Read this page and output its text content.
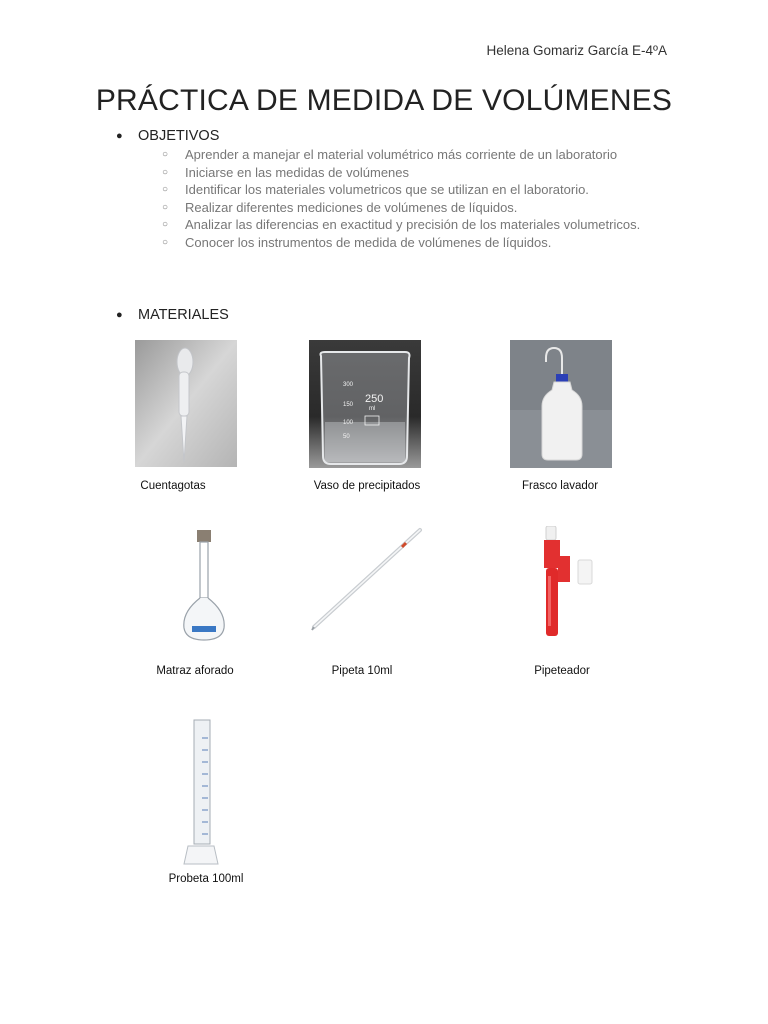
Helena Gomariz García E-4ºA
PRÁCTICA DE MEDIDA DE VOLÚMENES
●	OBJETIVOS
○ Aprender a manejar el material volumétrico más corriente de un laboratorio
○ Iniciarse en las medidas de volúmenes
○ Identificar los materiales volumetricos que se utilizan en el laboratorio.
○ Realizar diferentes mediciones de volúmenes de líquidos.
○ Analizar las diferencias en exactitud y precisión de los materiales volumetricos.
○ Conocer los instrumentos de medida de volúmenes de líquidos.
●	MATERIALES
Cuentagotas
300
250
150
ml
100
50
Vaso de precipitados	Frasco lavador
Matraz aforado	Pipeta 10ml	Pipeteador
Probeta 100ml
